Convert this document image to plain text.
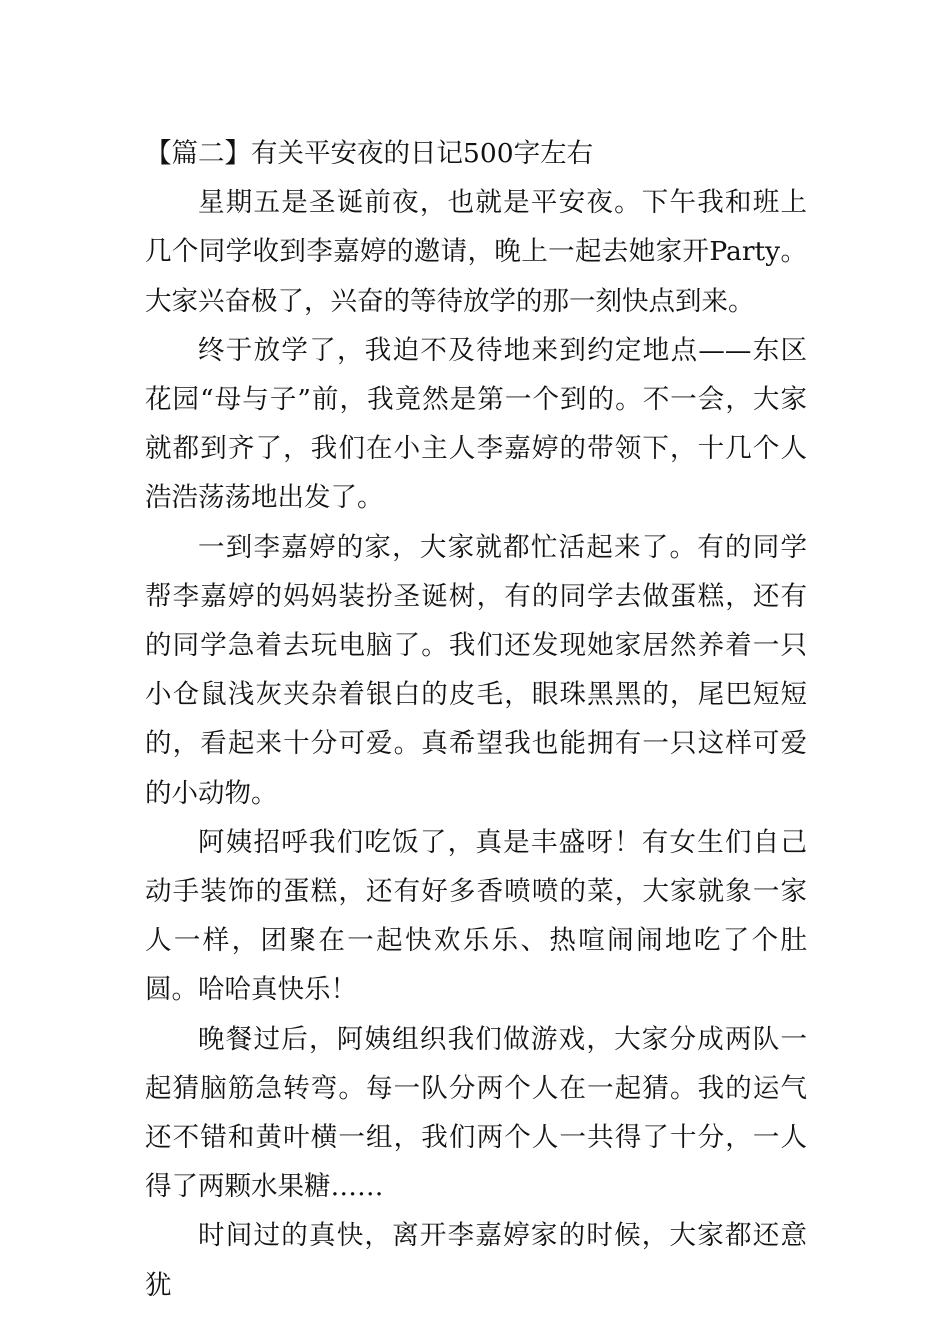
【篇二】有关平安夜的日记500字左右

星期五是圣诞前夜，也就是平安夜。下午我和班上几个同学收到李嘉婷的邀请，晚上一起去她家开Party。大家兴奋极了，兴奋的等待放学的那一刻快点到来。

终于放学了，我迫不及待地来到约定地点——东区花园“母与子”前，我竟然是第一个到的。不一会，大家就都到齐了，我们在小主人李嘉婷的带领下，十几个人浩浩荡荡地出发了。

一到李嘉婷的家，大家就都忙活起来了。有的同学帮李嘉婷的妈妈装扮圣诞树，有的同学去做蛋糕，还有的同学急着去玩电脑了。我们还发现她家居然养着一只小仓鼠浅灰夹杂着银白的皮毛，眼珠黑黑的，尾巴短短的，看起来十分可爱。真希望我也能拥有一只这样可爱的小动物。

阿姨招呼我们吃饭了，真是丰盛呀！有女生们自己动手装饰的蛋糕，还有好多香喷喷的菜，大家就象一家人一样，团聚在一起快欢乐乐、热喧闹闹地吃了个肚圆。哈哈真快乐！

晚餐过后，阿姨组织我们做游戏，大家分成两队一起猜脑筋急转弯。每一队分两个人在一起猜。我的运气还不错和黄叶横一组，我们两个人一共得了十分，一人得了两颗水果糖……

时间过的真快，离开李嘉婷家的时候，大家都还意犹
